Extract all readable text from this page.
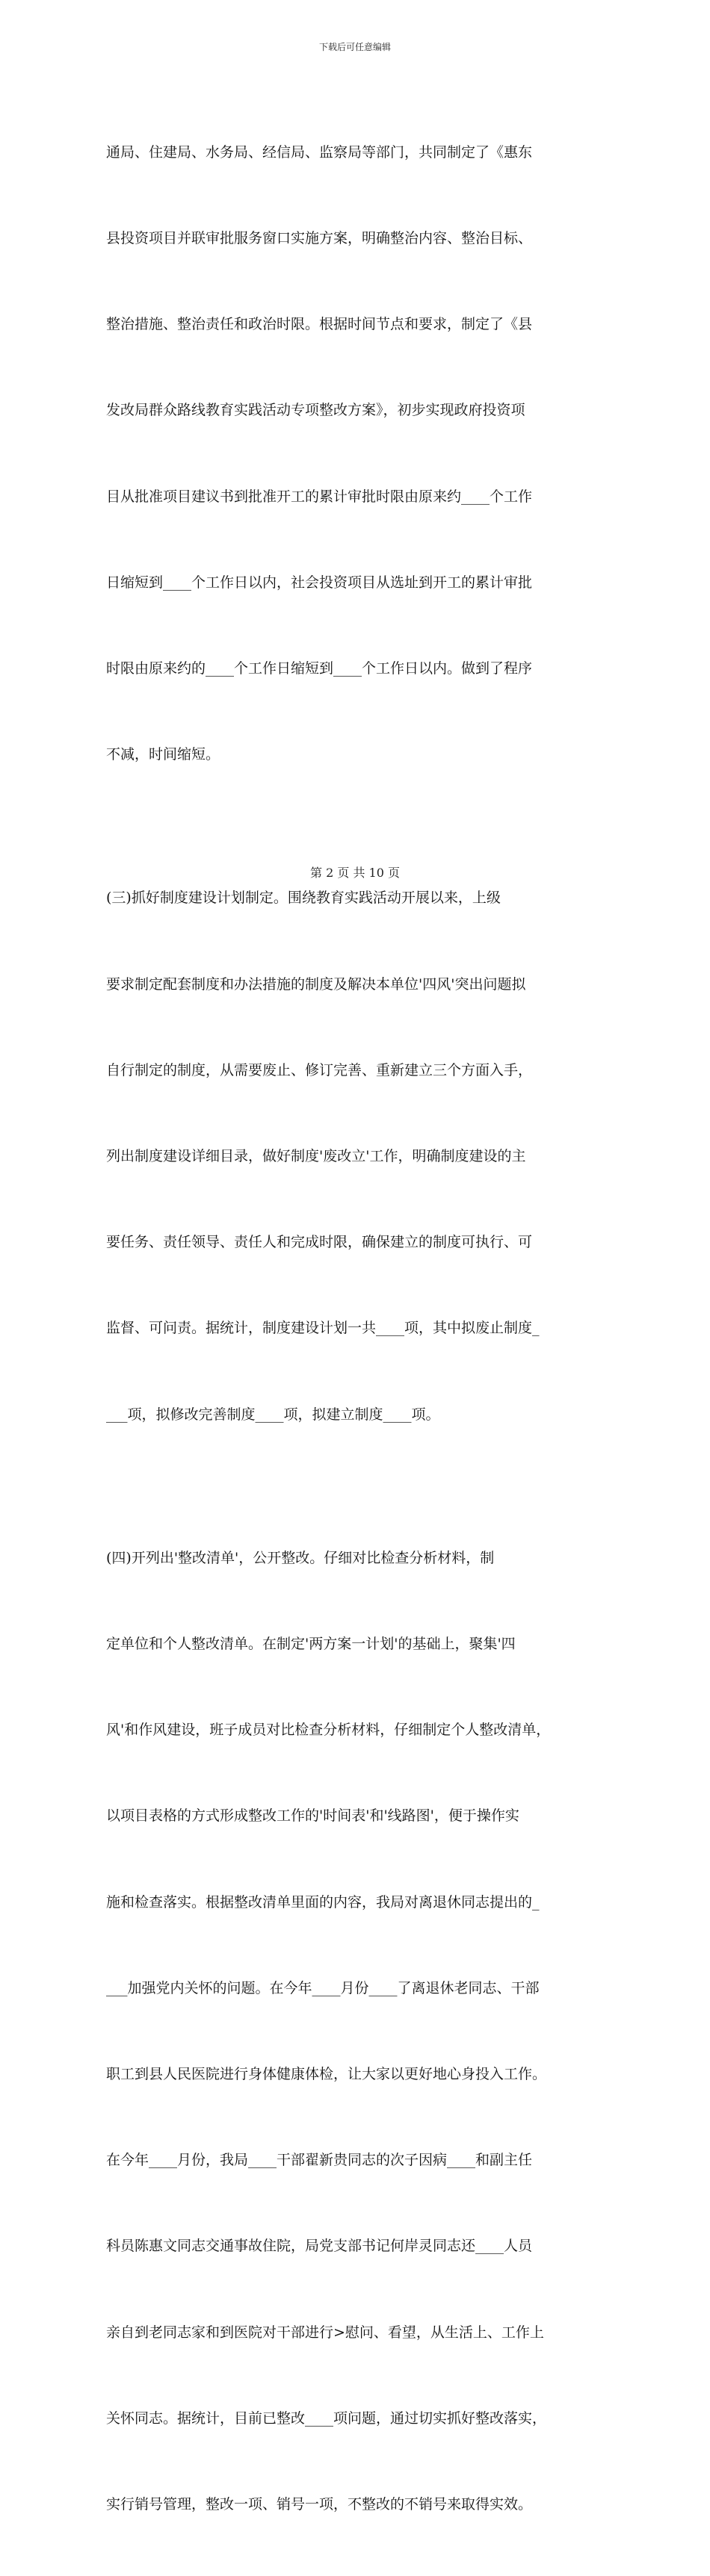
下载后可任意编辑

通局、住建局、水务局、经信局、监察局等部门，共同制定了《惠东

县投资项目并联审批服务窗口实施方案，明确整治内容、整治目标、

整治措施、整治责任和政治时限。根据时间节点和要求，制定了《县

发改局群众路线教育实践活动专项整改方案》，初步实现政府投资项

目从批准项目建议书到批准开工的累计审批时限由原来约____个工作

日缩短到____个工作日以内，社会投资项目从选址到开工的累计审批

时限由原来约的____个工作日缩短到____个工作日以内。做到了程序

不减，时间缩短。

(三)抓好制度建设计划制定。围绕教育实践活动开展以来，上级

要求制定配套制度和办法措施的制度及解决本单位'四风'突出问题拟

自行制定的制度，从需要废止、修订完善、重新建立三个方面入手，

列出制度建设详细目录，做好制度'废改立'工作，明确制度建设的主

要任务、责任领导、责任人和完成时限，确保建立的制度可执行、可

监督、可问责。据统计，制度建设计划一共____项，其中拟废止制度_

___项，拟修改完善制度____项，拟建立制度____项。

(四)开列出'整改清单'，公开整改。仔细对比检查分析材料，制

定单位和个人整改清单。在制定'两方案一计划'的基础上，聚集'四

风'和作风建设，班子成员对比检查分析材料，仔细制定个人整改清单，

以项目表格的方式形成整改工作的'时间表'和'线路图'，便于操作实

施和检查落实。根据整改清单里面的内容，我局对离退休同志提出的_

___加强党内关怀的问题。在今年____月份____了离退休老同志、干部

职工到县人民医院进行身体健康体检，让大家以更好地心身投入工作。

在今年____月份，我局____干部翟新贵同志的次子因病____和副主任

科员陈惠文同志交通事故住院，局党支部书记何岸灵同志还____人员

亲自到老同志家和到医院对干部进行>慰问、看望，从生活上、工作上

关怀同志。据统计，目前已整改____项问题，通过切实抓好整改落实，

实行销号管理，整改一项、销号一项，不整改的不销号来取得实效。

第 2 页 共 10 页
